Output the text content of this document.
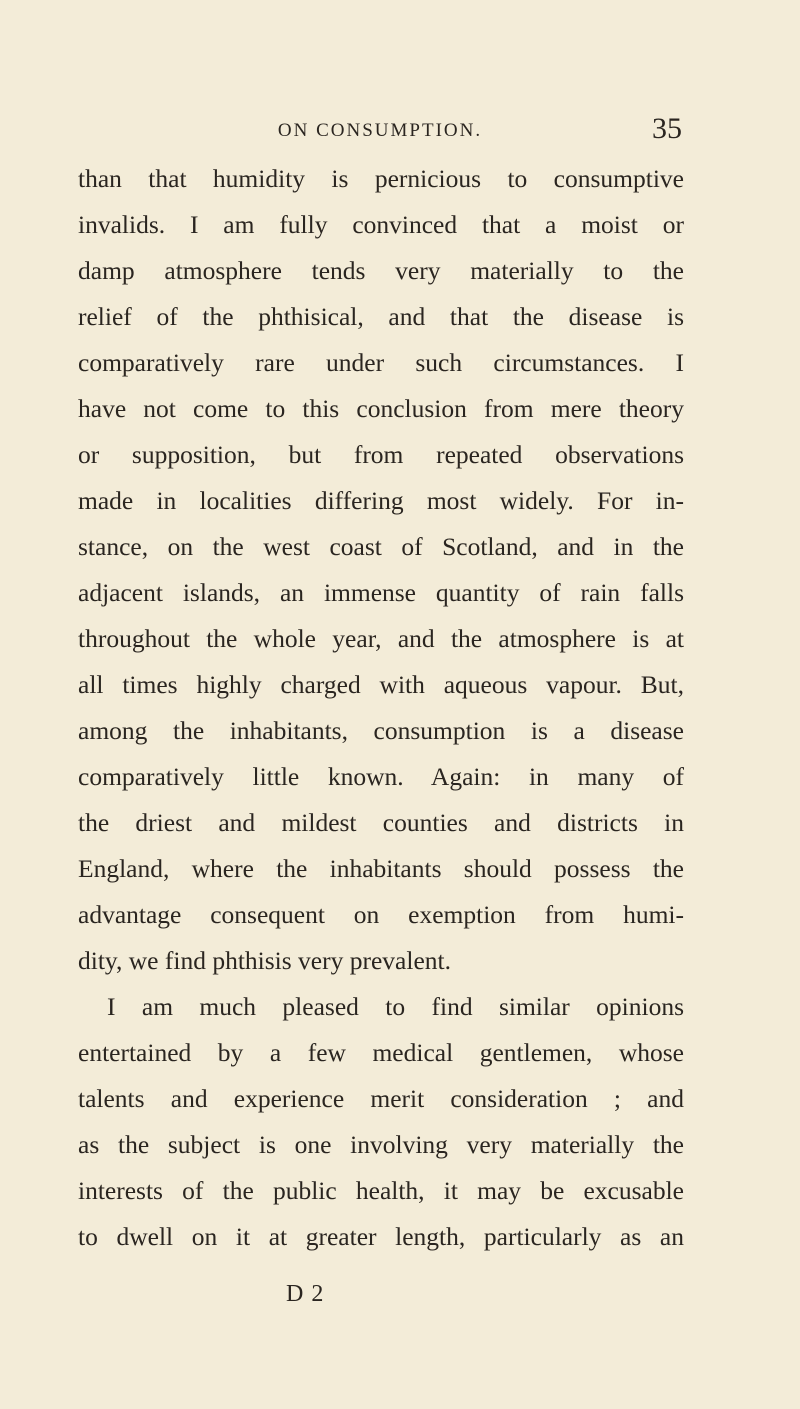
ON CONSUMPTION.	35
than that humidity is pernicious to consumptive
invalids. I am fully convinced that a moist or
damp atmosphere tends very materially to the
relief of the phthisical, and that the disease is
comparatively rare under such circumstances. I
have not come to this conclusion from mere theory
or supposition, but from repeated observations
made in localities differing most widely. For in-
stance, on the west coast of Scotland, and in the
adjacent islands, an immense quantity of rain falls
throughout the whole year, and the atmosphere is at
all times highly charged with aqueous vapour. But,
among the inhabitants, consumption is a disease
comparatively little known. Again: in many of
the driest and mildest counties and districts in
England, where the inhabitants should possess the
advantage consequent on exemption from humi-
dity, we find phthisis very prevalent.
I am much pleased to find similar opinions
entertained by a few medical gentlemen, whose
talents and experience merit consideration ; and
as the subject is one involving very materially the
interests of the public health, it may be excusable
to dwell on it at greater length, particularly as an
D 2
